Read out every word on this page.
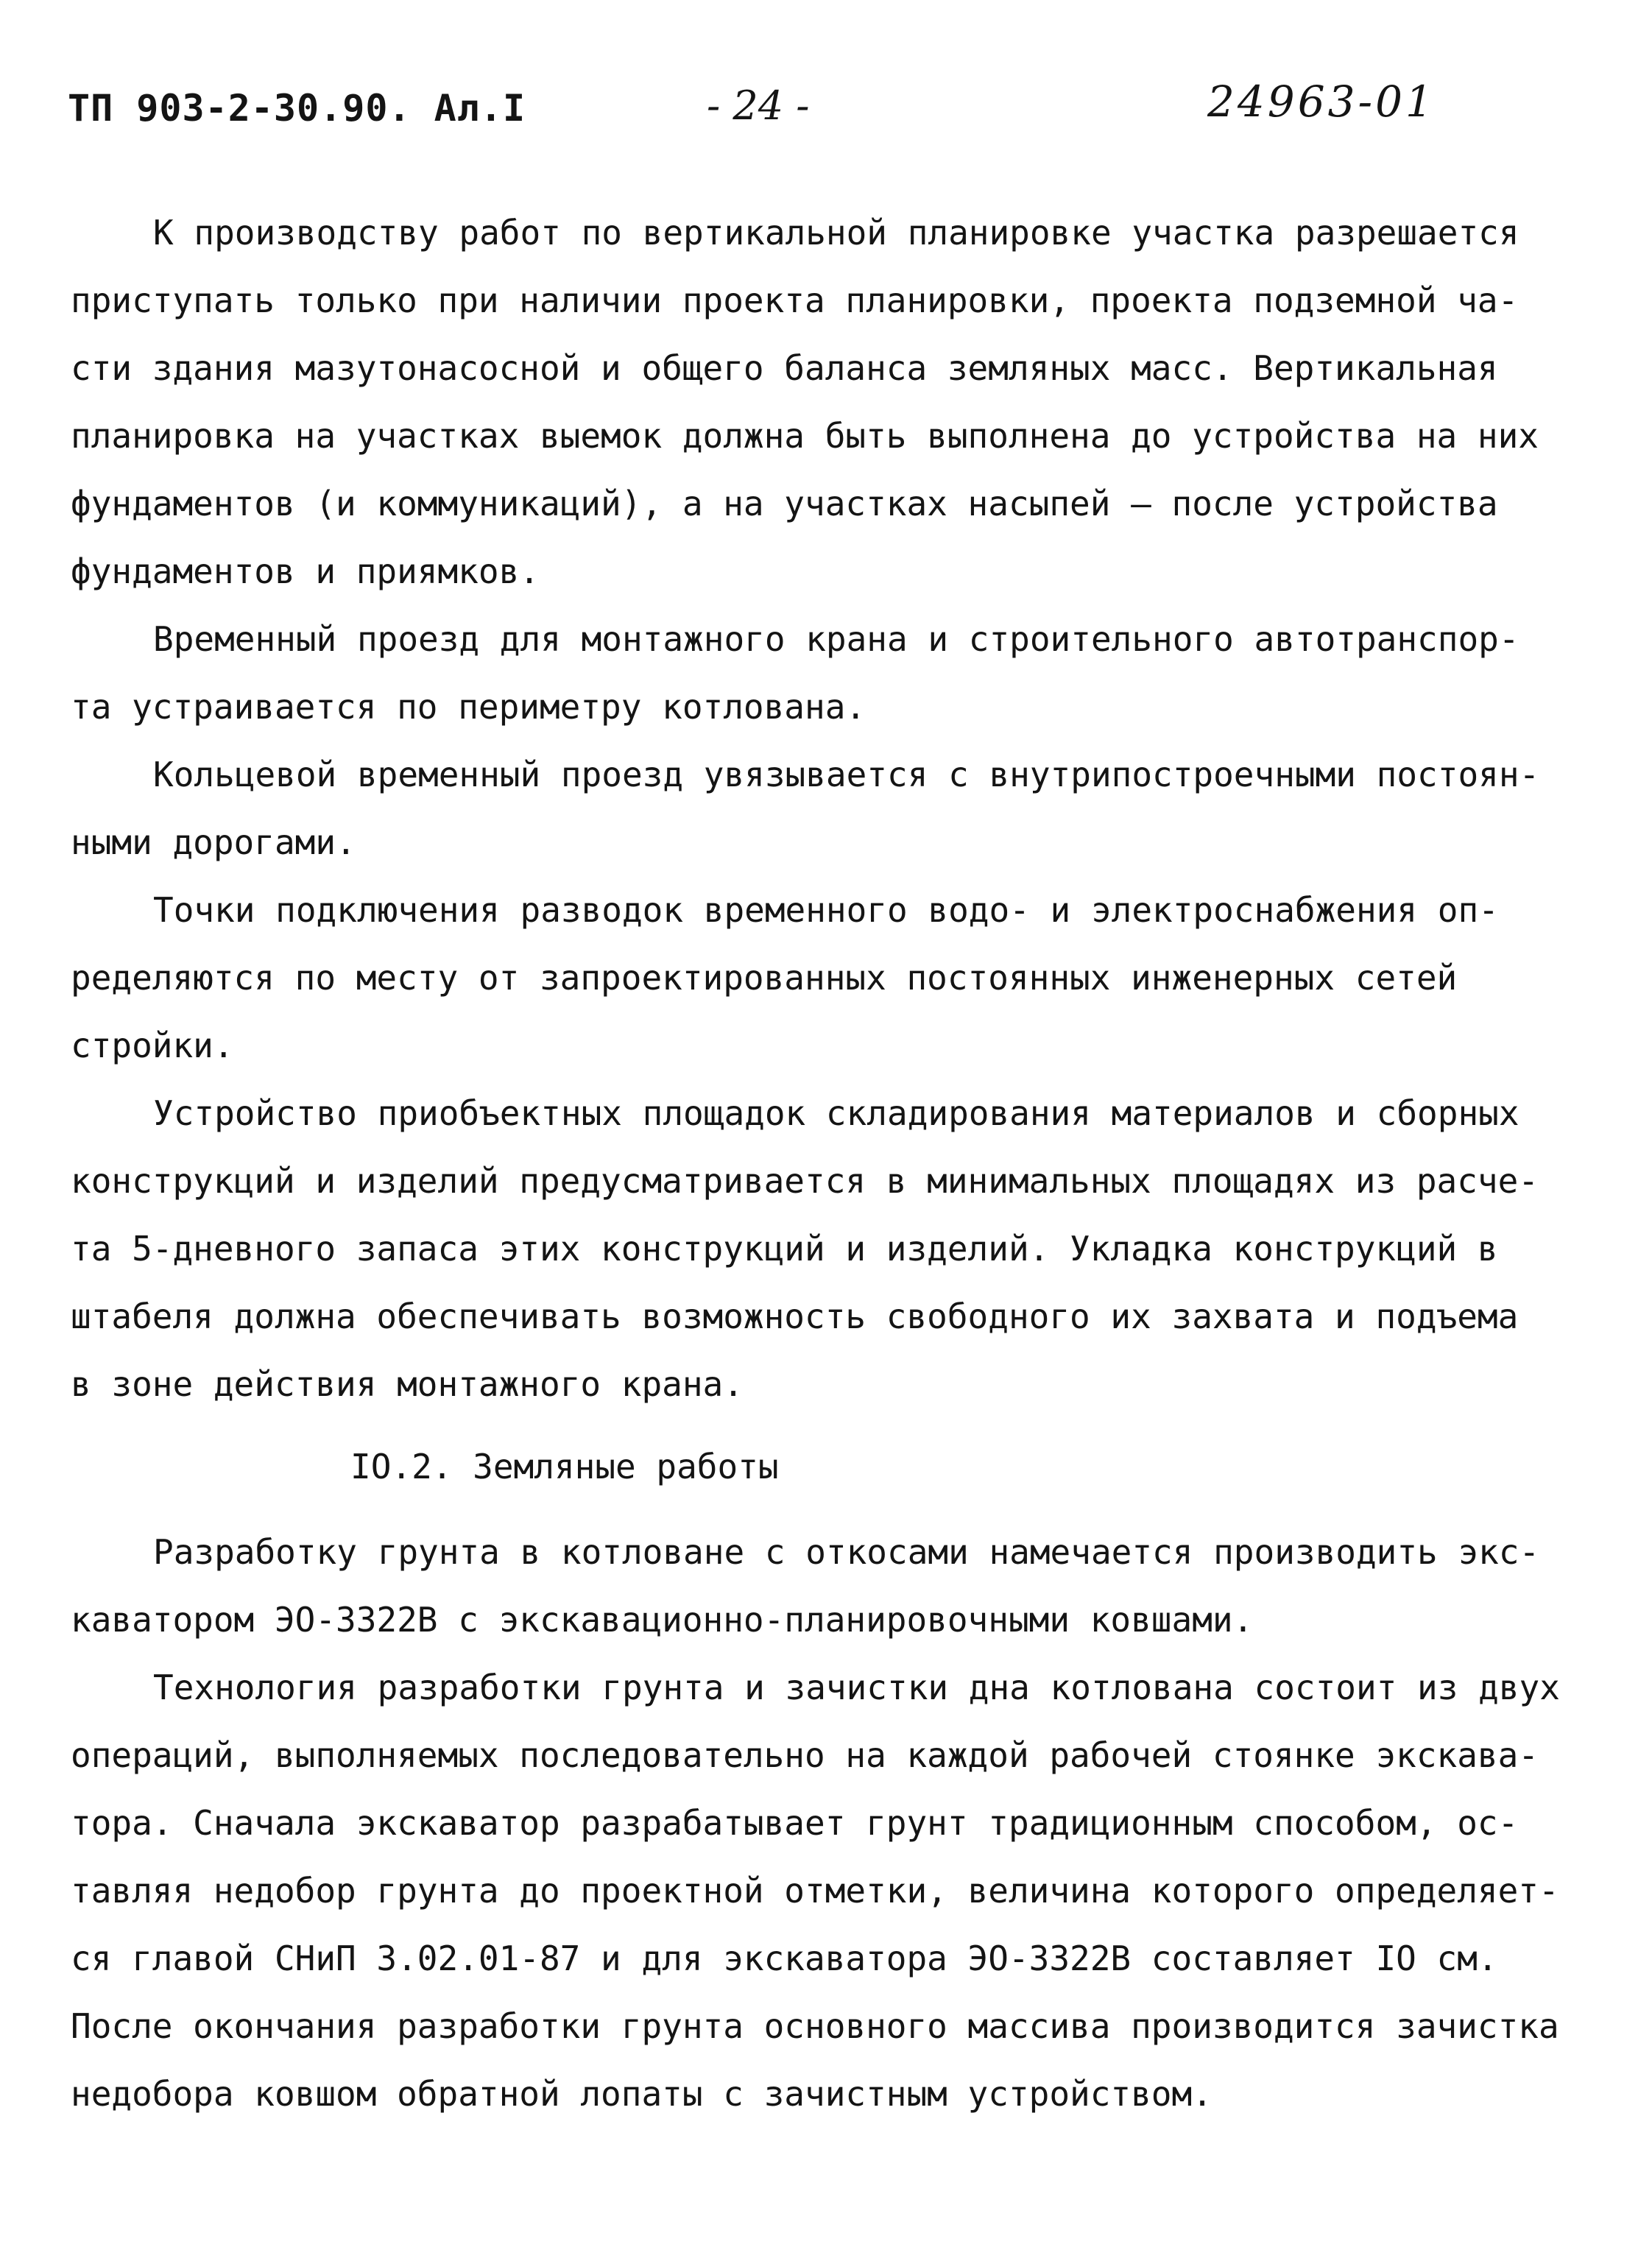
ТП 903-2-30.90. Ал.I	- 24 -	24963-01
К производству работ по вертикальной планировке участка разрешается
приступать только при наличии проекта планировки, проекта подземной ча-
сти здания мазутонасосной и общего баланса земляных масс. Вертикальная
планировка на участках выемок должна быть выполнена до устройства на них
фундаментов (и коммуникаций), а на участках насыпей – после устройства
фундаментов и приямков.
Временный проезд для монтажного крана и строительного автотранспор-
та устраивается по периметру котлована.
Кольцевой временный проезд увязывается с внутрипостроечными постоян-
ными дорогами.
Точки подключения разводок временного водо- и электроснабжения оп-
ределяются по месту от запроектированных постоянных инженерных сетей
стройки.
Устройство приобъектных площадок складирования материалов и сборных
конструкций и изделий предусматривается в минимальных площадях из расче-
та 5-дневного запаса этих конструкций и изделий. Укладка конструкций в
штабеля должна обеспечивать возможность свободного их захвата и подъема
в зоне действия монтажного крана.
IO.2. Земляные работы
Разработку грунта в котловане с откосами намечается производить экс-
каватором ЭО-3322В с экскавационно-планировочными ковшами.
Технология разработки грунта и зачистки дна котлована состоит из двух
операций, выполняемых последовательно на каждой рабочей стоянке экскава-
тора. Сначала экскаватор разрабатывает грунт традиционным способом, ос-
тавляя недобор грунта до проектной отметки, величина которого определяет-
ся главой СНиП 3.02.01-87 и для экскаватора ЭО-3322В составляет IO см.
После окончания разработки грунта основного массива производится зачистка
недобора ковшом обратной лопаты с зачистным устройством.
